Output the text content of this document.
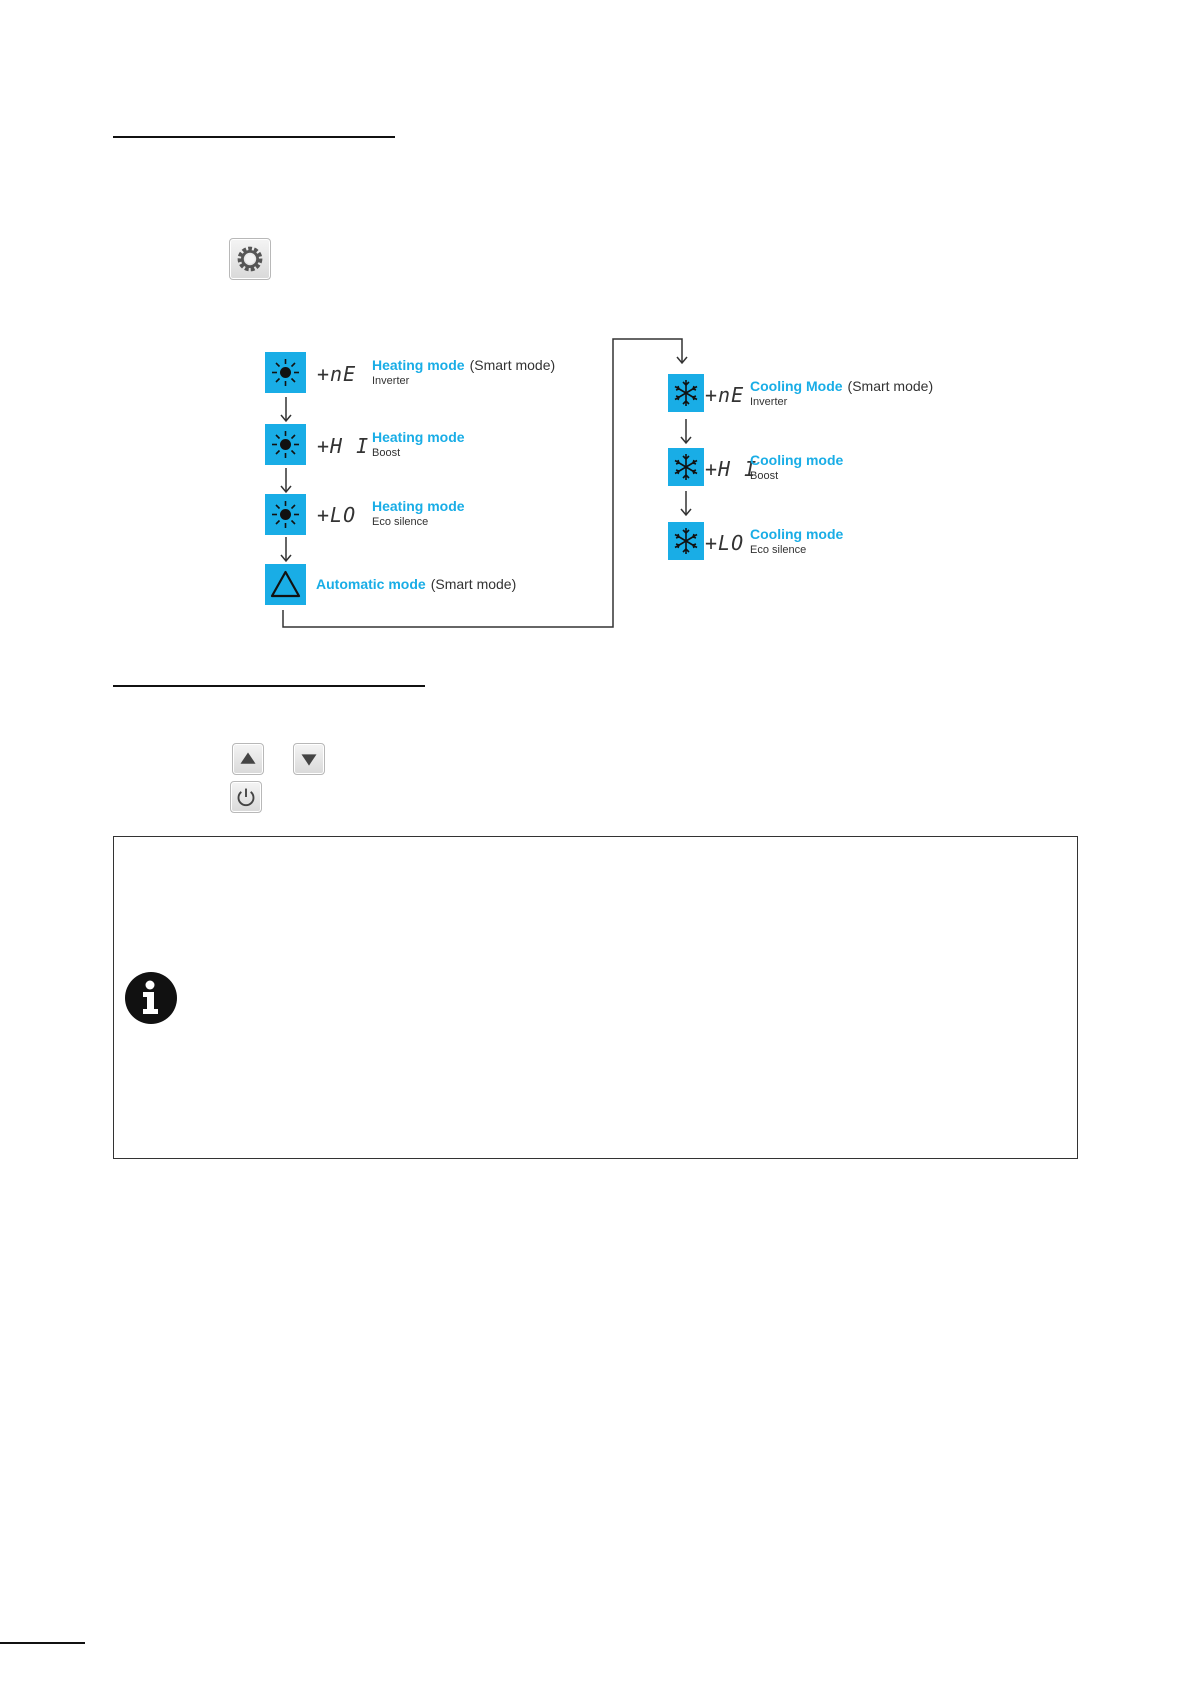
+nE Heating mode (Smart mode)
Inverter
+H I Heating mode
Boost
+LO Heating mode
Eco silence
Automatic mode (Smart mode)
+nE Cooling Mode (Smart mode)
Inverter
+H I
Cooling mode
Boost
+LO Cooling mode
Eco silence
